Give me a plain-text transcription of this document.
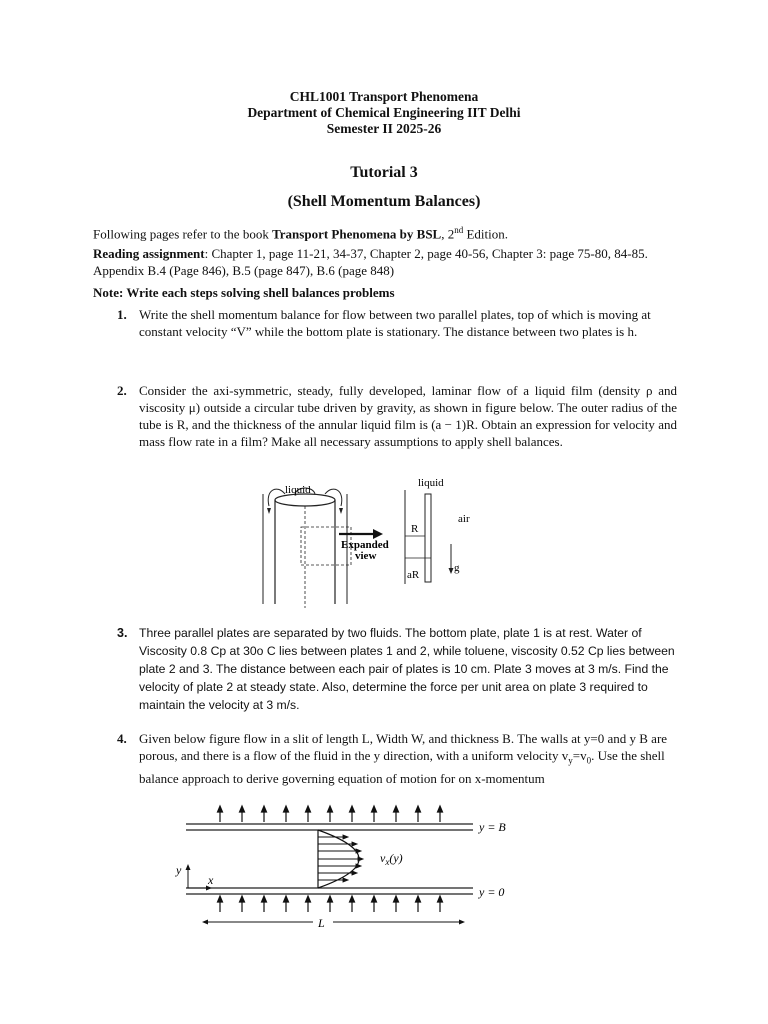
CHL1001 Transport Phenomena
Department of Chemical Engineering IIT Delhi
Semester II 2025-26
Tutorial 3
(Shell Momentum Balances)
Following pages refer to the book Transport Phenomena by BSL, 2nd Edition.
Reading assignment: Chapter 1, page 11-21, 34-37, Chapter 2, page 40-56, Chapter 3: page 75-80, 84-85. Appendix B.4 (Page 846), B.5 (page 847), B.6 (page 848)
Note: Write each steps solving shell balances problems
1. Write the shell momentum balance for flow between two parallel plates, top of which is moving at constant velocity “V” while the bottom plate is stationary. The distance between two plates is h.
2. Consider the axi-symmetric, steady, fully developed, laminar flow of a liquid film (density ρ and viscosity μ) outside a circular tube driven by gravity, as shown in figure below. The outer radius of the tube is R, and the thickness of the annular liquid film is (a − 1)R. Obtain an expression for velocity and mass flow rate in a film? Make all necessary assumptions to apply shell balances.
liquid
liquid
air
R
aR
g
Expanded
view
3. Three parallel plates are separated by two fluids. The bottom plate, plate 1 is at rest. Water of Viscosity 0.8 Cp at 30o C lies between plates 1 and 2, while toluene, viscosity 0.52 Cp lies between plate 2 and 3. The distance between each pair of plates is 10 cm. Plate 3 moves at 3 m/s. Find the velocity of plate 2 at steady state. Also, determine the force per unit area on plate 3 required to maintain the velocity at 3 m/s.
4. Given below figure flow in a slit of length L, Width W, and thickness B. The walls at y=0 and y B are porous, and there is a flow of the fluid in the y direction, with a uniform velocity $v_y=v_0$. Use the shell balance approach to derive governing equation of motion for on x-momentum
y = B
y = 0
$v_x(y)$
y
x
L
